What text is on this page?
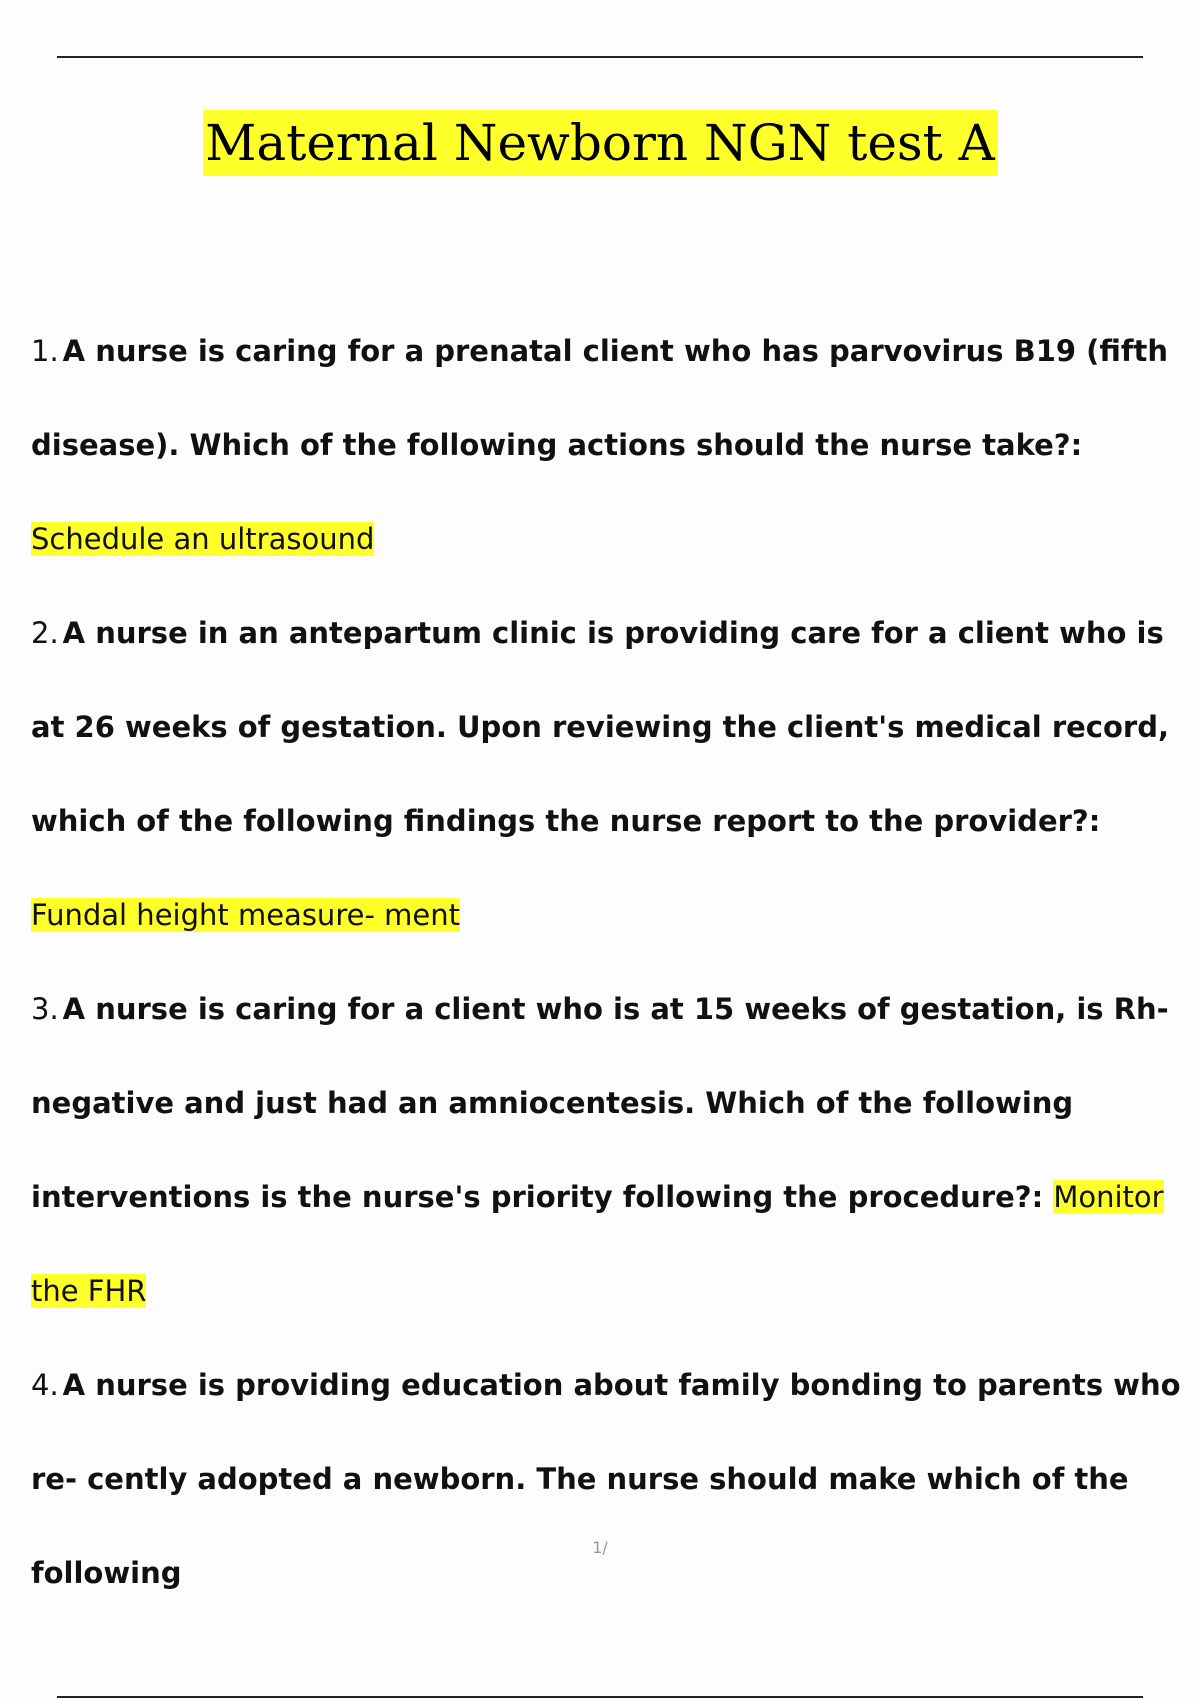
Maternal Newborn NGN test A

1. A nurse is caring for a prenatal client who has parvovirus B19 (fifth disease). Which of the following actions should the nurse take?: Schedule an ultrasound

2. A nurse in an antepartum clinic is providing care for a client who is at 26 weeks of gestation. Upon reviewing the client's medical record, which of the following findings the nurse report to the provider?: Fundal height measure- ment

3. A nurse is caring for a client who is at 15 weeks of gestation, is Rh-negative and just had an amniocentesis. Which of the following interventions is the nurse's priority following the procedure?: Monitor the FHR

4. A nurse is providing education about family bonding to parents who re- cently adopted a newborn. The nurse should make which of the following

1/
